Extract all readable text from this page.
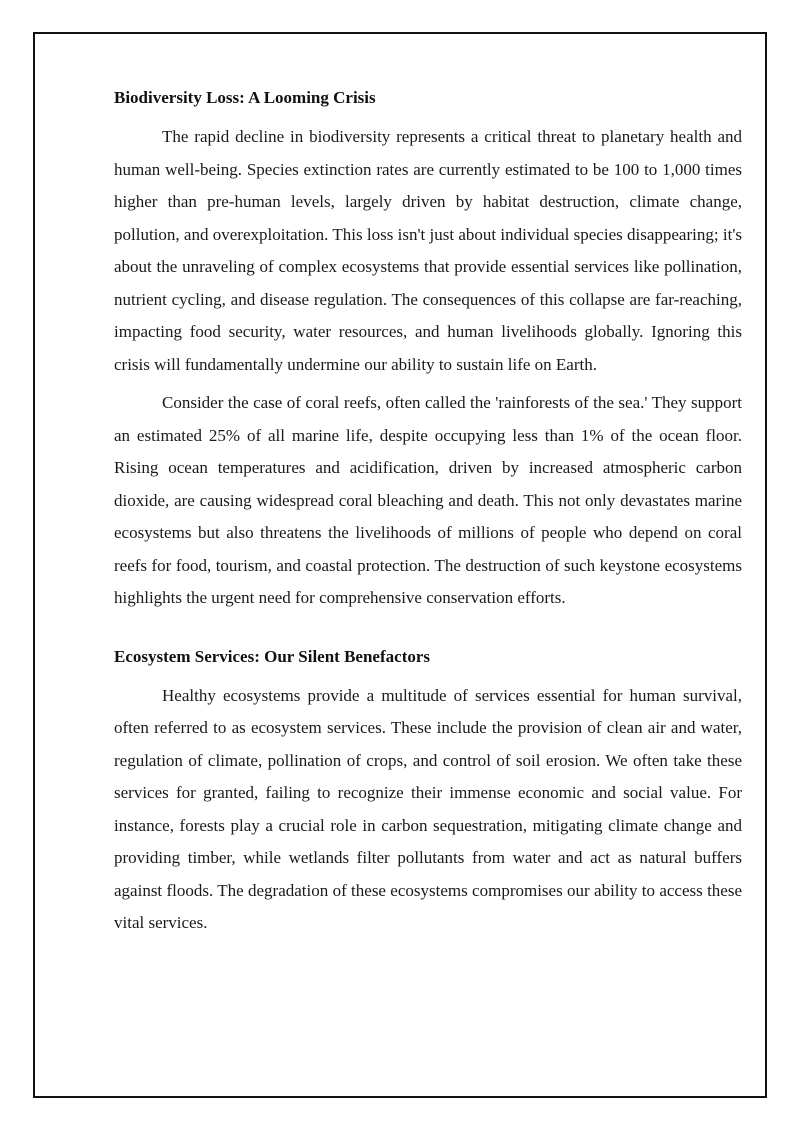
Biodiversity Loss: A Looming Crisis

The rapid decline in biodiversity represents a critical threat to planetary health and human well-being. Species extinction rates are currently estimated to be 100 to 1,000 times higher than pre-human levels, largely driven by habitat destruction, climate change, pollution, and overexploitation. This loss isn't just about individual species disappearing; it's about the unraveling of complex ecosystems that provide essential services like pollination, nutrient cycling, and disease regulation. The consequences of this collapse are far-reaching, impacting food security, water resources, and human livelihoods globally. Ignoring this crisis will fundamentally undermine our ability to sustain life on Earth.

Consider the case of coral reefs, often called the 'rainforests of the sea.' They support an estimated 25% of all marine life, despite occupying less than 1% of the ocean floor. Rising ocean temperatures and acidification, driven by increased atmospheric carbon dioxide, are causing widespread coral bleaching and death. This not only devastates marine ecosystems but also threatens the livelihoods of millions of people who depend on coral reefs for food, tourism, and coastal protection. The destruction of such keystone ecosystems highlights the urgent need for comprehensive conservation efforts.

Ecosystem Services: Our Silent Benefactors

Healthy ecosystems provide a multitude of services essential for human survival, often referred to as ecosystem services. These include the provision of clean air and water, regulation of climate, pollination of crops, and control of soil erosion. We often take these services for granted, failing to recognize their immense economic and social value. For instance, forests play a crucial role in carbon sequestration, mitigating climate change and providing timber, while wetlands filter pollutants from water and act as natural buffers against floods. The degradation of these ecosystems compromises our ability to access these vital services.
